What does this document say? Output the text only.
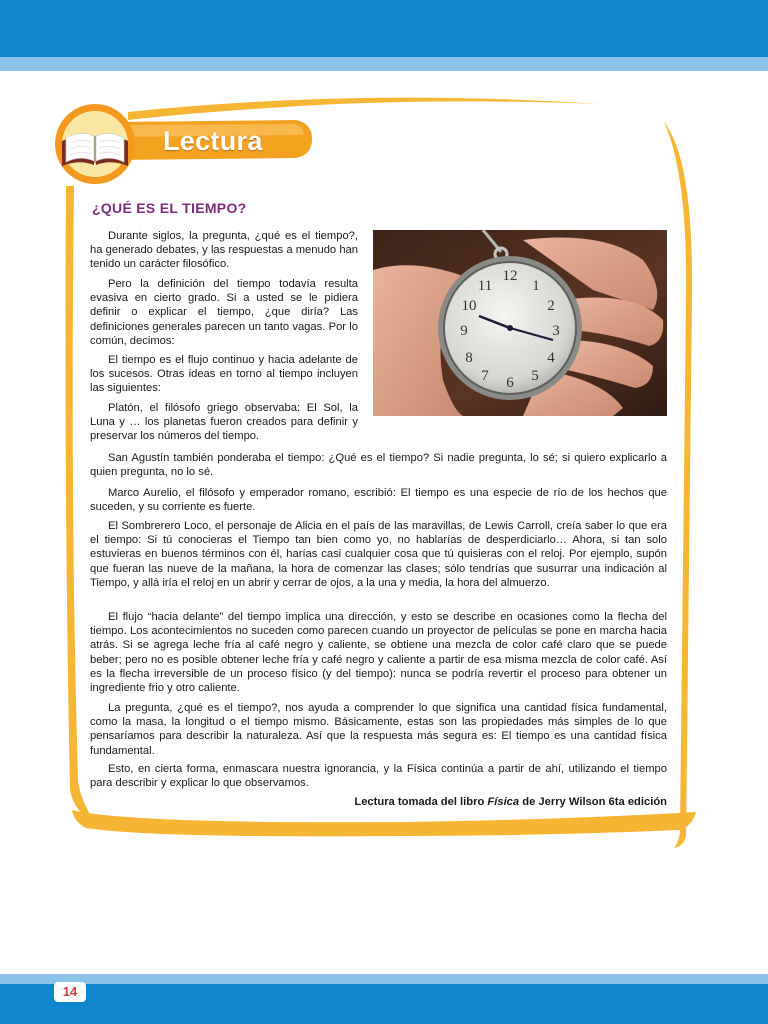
Lectura
¿QUÉ ES EL TIEMPO?
12
3
6
9
1
2
4
5
7
8
10
11

Durante siglos, la pregunta, ¿qué es el tiempo?, ha generado debates, y las respuestas a menudo han tenido un carácter filosófico.

Pero la definición del tiempo todavía resulta evasiva en cierto grado. Si a usted se le pidiera definir o explicar el tiempo, ¿que diría? Las definiciones generales parecen un tanto vagas. Por lo común, decimos:

El tiempo es el flujo continuo y hacia adelante de los sucesos. Otras ideas en torno al tiempo incluyen las siguientes:

Platón, el filósofo griego observaba: El Sol, la Luna y … los planetas fueron creados para definir y preservar los números del tiempo.

San Agustín también ponderaba el tiempo: ¿Qué es el tiempo? Si nadie pregunta, lo sé; si quiero explicarlo a quien pregunta, no lo sé.

Marco Aurelio, el filósofo y emperador romano, escribió: El tiempo es una especie de río de los hechos que suceden, y su corriente es fuerte.

El Sombrerero Loco, el personaje de Alicia en el país de las maravillas, de Lewis Carroll, creía saber lo que era el tiempo: Si tú conocieras el Tiempo tan bien como yo, no hablarías de desperdiciarlo… Ahora, si tan solo estuvieras en buenos términos con él, harías casi cualquier cosa que tú quisieras con el reloj. Por ejemplo, supón que fueran las nueve de la mañana, la hora de comenzar las clases; sólo tendrías que susurrar una indicación al Tiempo, y allá iría el reloj en un abrir y cerrar de ojos, a la una y media, la hora del almuerzo.

El flujo “hacia delante” del tiempo implica una dirección, y esto se describe en ocasiones como la flecha del tiempo. Los acontecimientos no suceden como parecen cuando un proyector de películas se pone en marcha hacia atrás. Si se agrega leche fría al café negro y caliente, se obtiene una mezcla de color café claro que se puede beber; pero no es posible obtener leche fría y café negro y caliente a partir de esa misma mezcla de color café. Así es la flecha irreversible de un proceso físico (y del tiempo): nunca se podría revertir el proceso para obtener un ingrediente frio y otro caliente.

La pregunta, ¿qué es el tiempo?, nos ayuda a comprender lo que significa una cantidad física fundamental, como la masa, la longitud o el tiempo mismo. Básicamente, estas son las propiedades más simples de lo que pensaríamos para describir la naturaleza. Así que la respuesta más segura es: El tiempo es una cantidad física fundamental.

Esto, en cierta forma, enmascara nuestra ignorancia, y la Física continúa a partir de ahí, utilizando el tiempo para describir y explicar lo que observamos.

Lectura tomada del libro Física de Jerry Wilson 6ta edición
14
